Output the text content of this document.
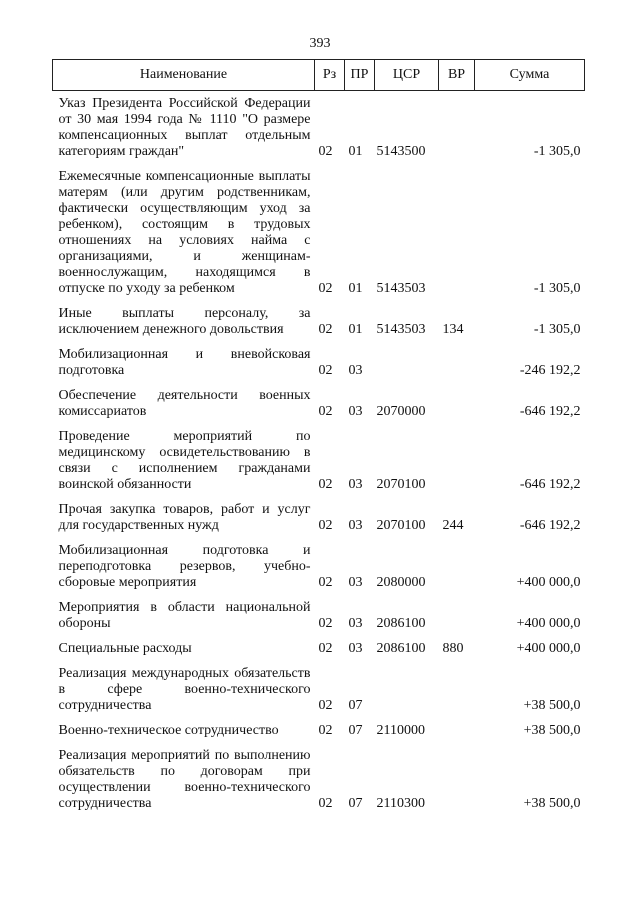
393
Наименование	Рз	ПР	ЦСР	ВР	Сумма
Указ Президента Российской Федерации от 30 мая 1994 года № 1110 "О размере компенсационных выплат отдельным категориям граждан"	02	01	5143500		-1 305,0
Ежемесячные компенсационные выплаты матерям (или другим родственникам, фактически осуществляющим уход за ребенком), состоящим в трудовых отношениях на условиях найма с организациями, и женщинам-военнослужащим, находящимся в отпуске по уходу за ребенком	02	01	5143503		-1 305,0
Иные выплаты персоналу, за исключением денежного довольствия	02	01	5143503	134	-1 305,0
Мобилизационная и вневойсковая подготовка	02	03			-246 192,2
Обеспечение деятельности военных комиссариатов	02	03	2070000		-646 192,2
Проведение мероприятий по медицинскому освидетельствованию в связи с исполнением гражданами воинской обязанности	02	03	2070100		-646 192,2
Прочая закупка товаров, работ и услуг для государственных нужд	02	03	2070100	244	-646 192,2
Мобилизационная подготовка и переподготовка резервов, учебно-сборовые мероприятия	02	03	2080000		+400 000,0
Мероприятия в области национальной обороны	02	03	2086100		+400 000,0
Специальные расходы	02	03	2086100	880	+400 000,0
Реализация международных обязательств в сфере военно-технического сотрудничества	02	07			+38 500,0
Военно-техническое сотрудничество	02	07	2110000		+38 500,0
Реализация мероприятий по выполнению обязательств по договорам при осуществлении военно-технического сотрудничества	02	07	2110300		+38 500,0
